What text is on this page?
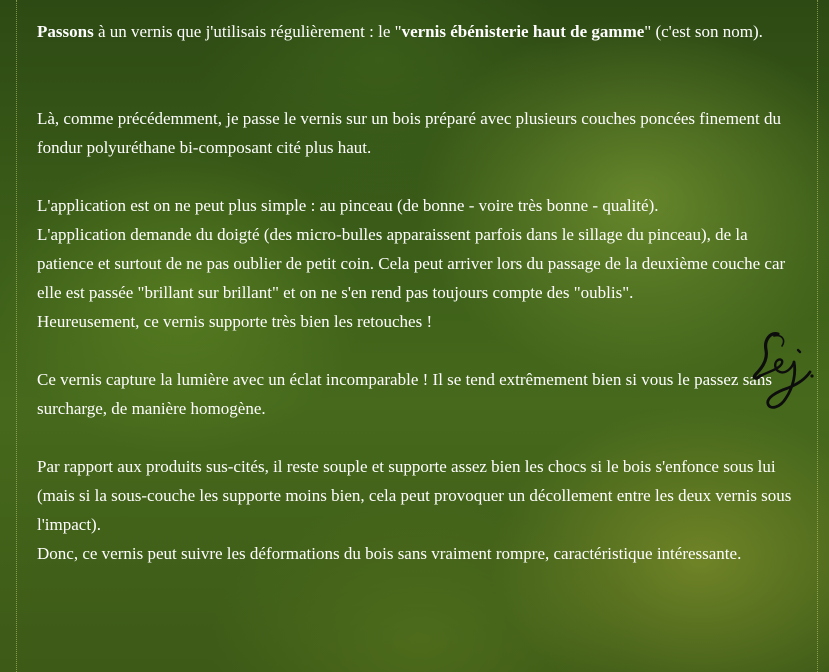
Passons à un vernis que j'utilisais régulièrement : le "vernis ébénisterie haut de gamme" (c'est son nom).

Là, comme précédemment, je passe le vernis sur un bois préparé avec plusieurs couches poncées finement du fondur polyuréthane bi-composant cité plus haut.

L'application est on ne peut plus simple : au pinceau (de bonne - voire très bonne - qualité).

L'application demande du doigté (des micro-bulles apparaissent parfois dans le sillage du pinceau), de la patience et surtout de ne pas oublier de petit coin. Cela peut arriver lors du passage de la deuxième couche car elle est passée "brillant sur brillant" et on ne s'en rend pas toujours compte des "oublis".

Heureusement, ce vernis supporte très bien les retouches !

Ce vernis capture la lumière avec un éclat incomparable ! Il se tend extrêmement bien si vous le passez sans surcharge, de manière homogène.

Par rapport aux produits sus-cités, il reste souple et supporte assez bien les chocs si le bois s'enfonce sous lui (mais si la sous-couche les supporte moins bien, cela peut provoquer un décollement entre les deux vernis sous l'impact).

Donc, ce vernis peut suivre les déformations du bois sans vraiment rompre, caractéristique intéressante.
